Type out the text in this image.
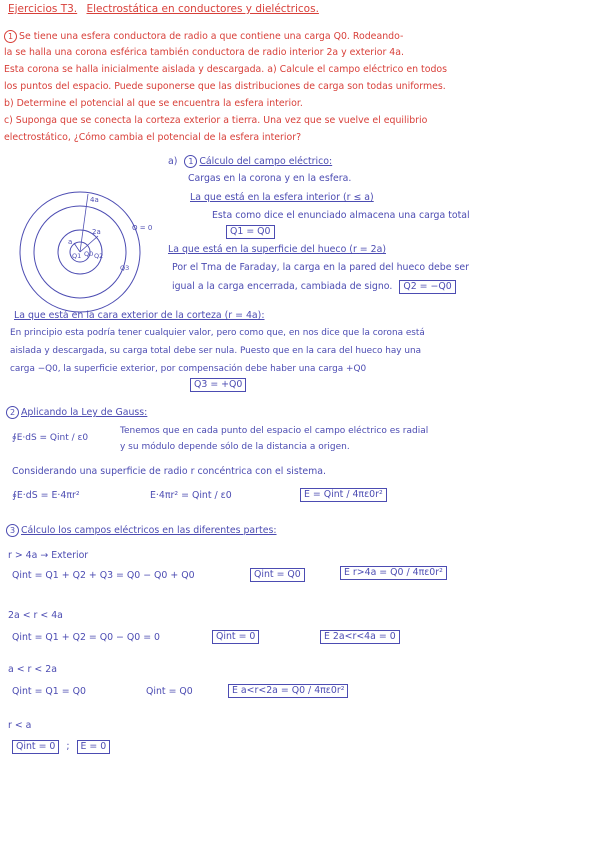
Ejercicios T3. Electrostática en conductores y dieléctricos.
1 Se tiene una esfera conductora de radio a que contiene una carga Q0. Rodeando-
la se halla una corona esférica también conductora de radio interior 2a y exterior 4a.
Esta corona se halla inicialmente aislada y descargada. a) Calcule el campo eléctrico en todos
los puntos del espacio. Puede suponerse que las distribuciones de carga son todas uniformes.
b) Determine el potencial al que se encuentra la esfera interior.
c) Suponga que se conecta la corteza exterior a tierra. Una vez que se vuelve el equilibrio
electrostático, ¿Cómo cambia el potencial de la esfera interior?
4a
2a
a
Q1 Q2
Q3
Q0
Q = 0
a) 1 Cálculo del campo eléctrico:
Cargas en la corona y en la esfera.
La que está en la esfera interior (r ≤ a)
Esta como dice el enunciado almacena una carga total
Q1 = Q0
La que está en la superficie del hueco (r = 2a)
Por el Tma de Faraday, la carga en la pared del hueco debe ser
igual a la carga encerrada, cambiada de signo. Q2 = −Q0
La que está en la cara exterior de la corteza (r = 4a):
En principio esta podría tener cualquier valor, pero como que, en nos dice que la corona está
aislada y descargada, su carga total debe ser nula. Puesto que en la cara del hueco hay una
carga −Q0, la superficie exterior, por compensación debe haber una carga +Q0
Q3 = +Q0
2 Aplicando la Ley de Gauss:
∮E·dS = Qint / ε0
Tenemos que en cada punto del espacio el campo eléctrico es radial
y su módulo depende sólo de la distancia a origen.
Considerando una superficie de radio r concéntrica con el sistema.
∮E·dS = E·4πr²	E·4πr² = Qint / ε0	E = Qint / 4πε0r²
3 Cálculo los campos eléctricos en las diferentes partes:
r > 4a → Exterior
Qint = Q1 + Q2 + Q3 = Q0 − Q0 + Q0	Qint = Q0	E r>4a = Q0 / 4πε0r²
2a < r < 4a
Qint = Q1 + Q2 = Q0 − Q0 = 0	Qint = 0	E 2a<r<4a = 0
a < r < 2a
Qint = Q1 = Q0	Qint = Q0	E a<r<2a = Q0 / 4πε0r²
r < a
Qint = 0 ; E = 0
